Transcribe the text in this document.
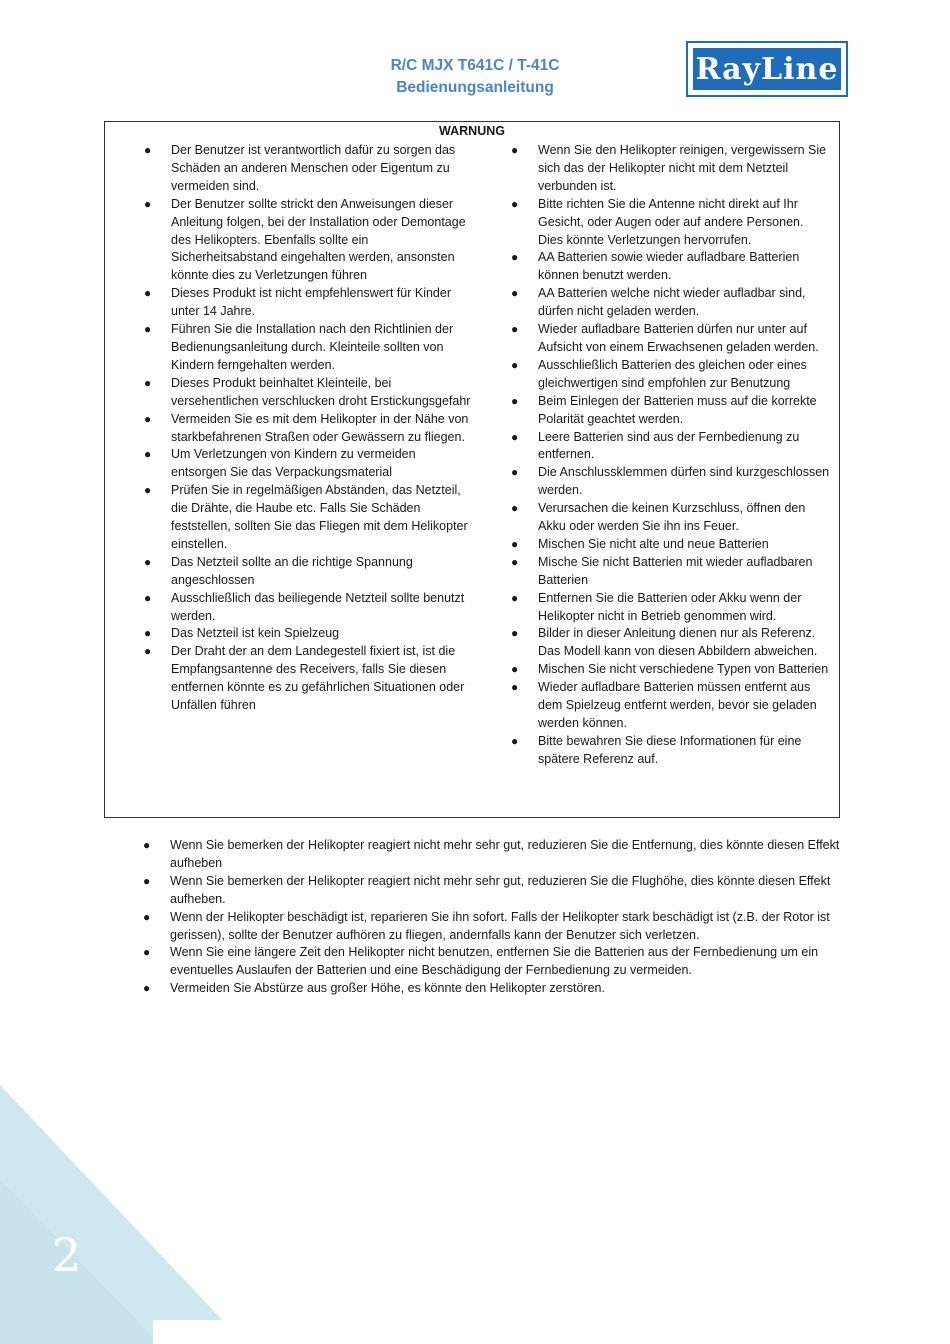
2
R/C MJX T641C / T-41C
Bedienungsanleitung
RayLine
WARNUNG
● Der Benutzer ist verantwortlich dafür zu sorgen das Schäden an anderen Menschen oder Eigentum zu vermeiden sind.
● Der Benutzer sollte strickt den Anweisungen dieser Anleitung folgen, bei der Installation oder Demontage des Helikopters. Ebenfalls sollte ein Sicherheitsabstand eingehalten werden, ansonsten könnte dies zu Verletzungen führen
● Dieses Produkt ist nicht empfehlenswert für Kinder unter 14 Jahre.
● Führen Sie die Installation nach den Richtlinien der Bedienungsanleitung durch. Kleinteile sollten von Kindern ferngehalten werden.
● Dieses Produkt beinhaltet Kleinteile, bei versehentlichen verschlucken droht Erstickungsgefahr
● Vermeiden Sie es mit dem Helikopter in der Nähe von starkbefahrenen Straßen oder Gewässern zu fliegen.
● Um Verletzungen von Kindern zu vermeiden entsorgen Sie das Verpackungsmaterial
● Prüfen Sie in regelmäßigen Abständen, das Netzteil, die Drähte, die Haube etc. Falls Sie Schäden feststellen, sollten Sie das Fliegen mit dem Helikopter einstellen.
● Das Netzteil sollte an die richtige Spannung angeschlossen
● Ausschließlich das beiliegende Netzteil sollte benutzt werden.
● Das Netzteil ist kein Spielzeug
● Der Draht der an dem Landegestell fixiert ist, ist die Empfangsantenne des Receivers, falls Sie diesen entfernen könnte es zu gefährlichen Situationen oder Unfällen führen
● Wenn Sie den Helikopter reinigen, vergewissern Sie sich das der Helikopter nicht mit dem Netzteil verbunden ist.
● Bitte richten Sie die Antenne nicht direkt auf Ihr Gesicht, oder Augen oder auf andere Personen. Dies könnte Verletzungen hervorrufen.
● AA Batterien sowie wieder aufladbare Batterien können benutzt werden.
● AA Batterien welche nicht wieder aufladbar sind, dürfen nicht geladen werden.
● Wieder aufladbare Batterien dürfen nur unter auf Aufsicht von einem Erwachsenen geladen werden.
● Ausschließlich Batterien des gleichen oder eines gleichwertigen sind empfohlen zur Benutzung
● Beim Einlegen der Batterien muss auf die korrekte Polarität geachtet werden.
● Leere Batterien sind aus der Fernbedienung zu entfernen.
● Die Anschlussklemmen dürfen sind kurzgeschlossen werden.
● Verursachen die keinen Kurzschluss, öffnen den Akku oder werden Sie ihn ins Feuer.
● Mischen Sie nicht alte und neue Batterien
● Mische Sie nicht Batterien mit wieder aufladbaren Batterien
● Entfernen Sie die Batterien oder Akku wenn der Helikopter nicht in Betrieb genommen wird.
● Bilder in dieser Anleitung dienen nur als Referenz. Das Modell kann von diesen Abbildern abweichen.
● Mischen Sie nicht verschiedene Typen von Batterien
● Wieder aufladbare Batterien müssen entfernt aus dem Spielzeug entfernt werden, bevor sie geladen werden können.
● Bitte bewahren Sie diese Informationen für eine spätere Referenz auf.
● Wenn Sie bemerken der Helikopter reagiert nicht mehr sehr gut, reduzieren Sie die Entfernung, dies könnte diesen Effekt aufheben
● Wenn Sie bemerken der Helikopter reagiert nicht mehr sehr gut, reduzieren Sie die Flughöhe, dies könnte diesen Effekt aufheben.
● Wenn der Helikopter beschädigt ist, reparieren Sie ihn sofort. Falls der Helikopter stark beschädigt ist (z.B. der Rotor ist gerissen), sollte der Benutzer aufhören zu fliegen, andernfalls kann der Benutzer sich verletzen.
● Wenn Sie eine längere Zeit den Helikopter nicht benutzen, entfernen Sie die Batterien aus der Fernbedienung um ein eventuelles Auslaufen der Batterien und eine Beschädigung der Fernbedienung zu vermeiden.
● Vermeiden Sie Abstürze aus großer Höhe, es könnte den Helikopter zerstören.
